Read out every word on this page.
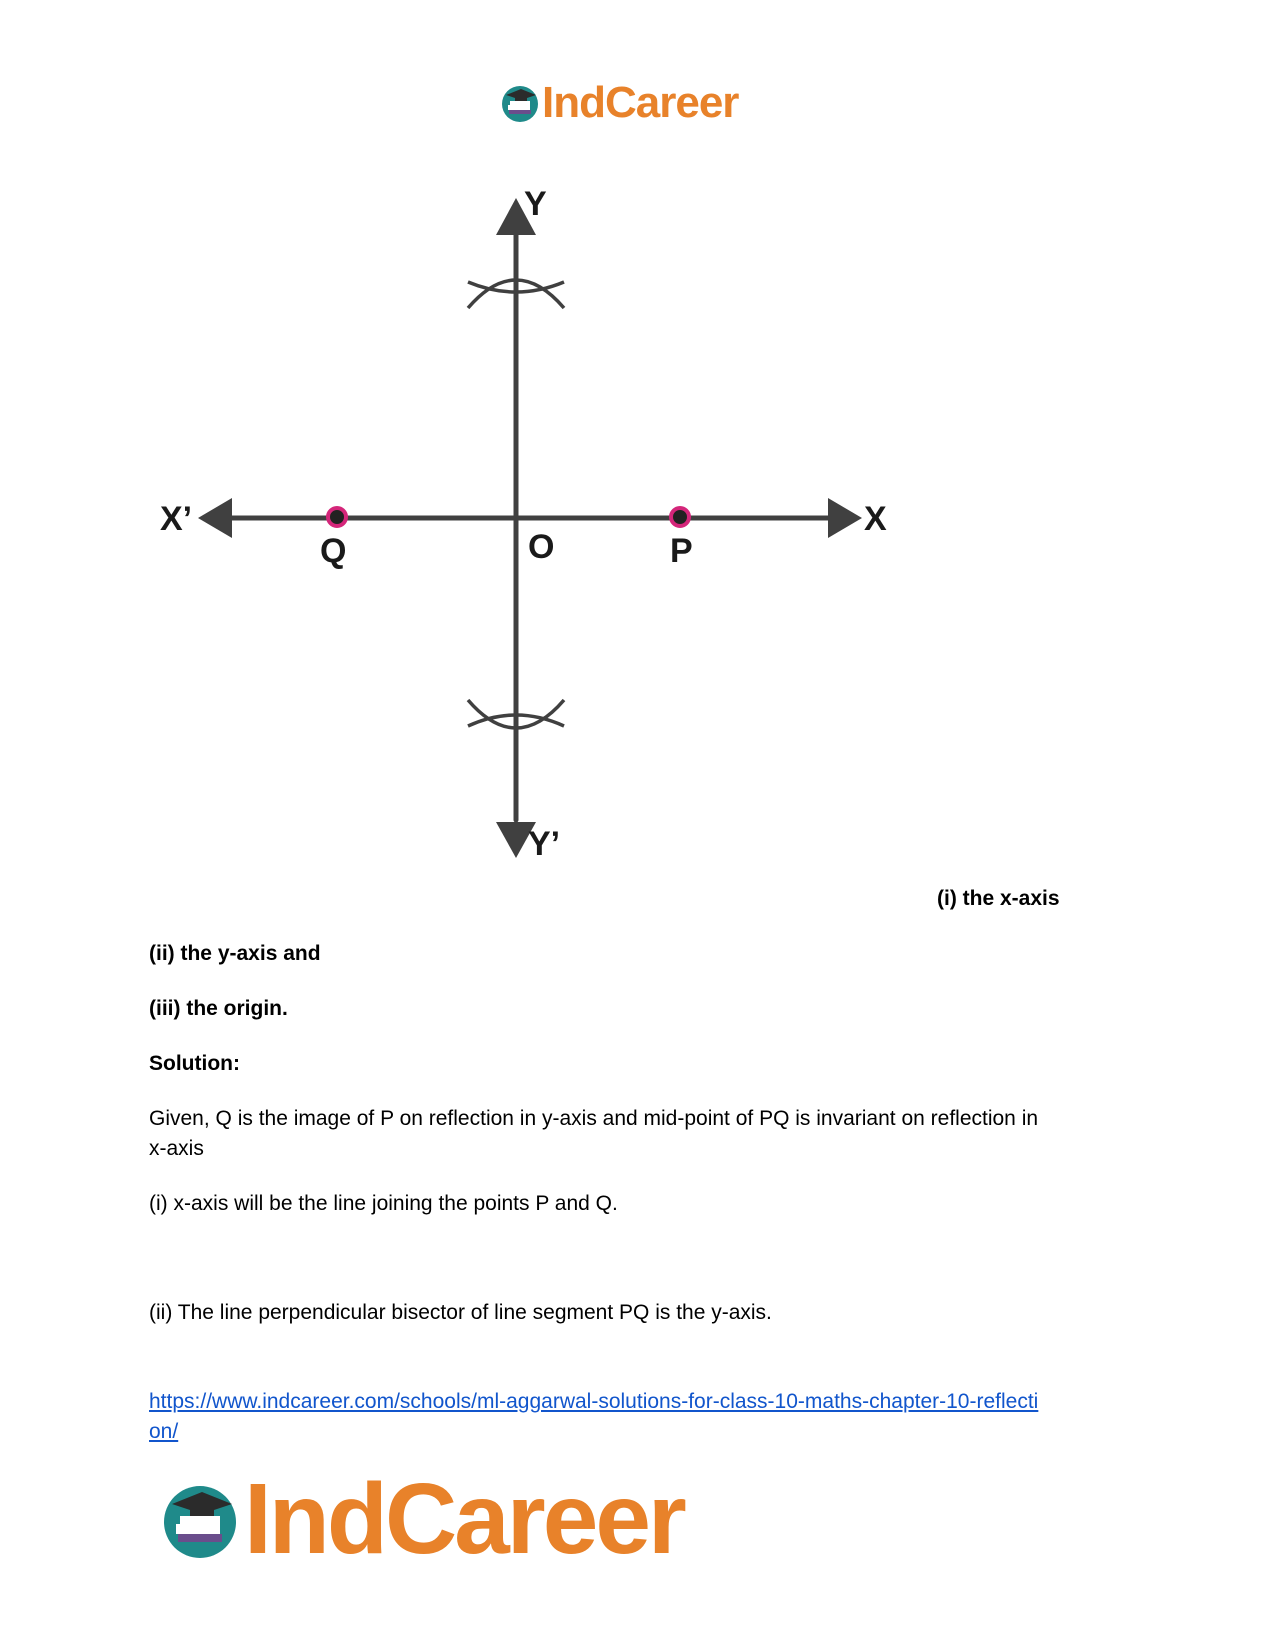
IndCareer
Y
Y’
X
X’
O	P
Q

(i) the x-axis

(ii) the y-axis and

(iii) the origin.

Solution:

Given, Q is the image of P on reflection in y-axis and mid-point of PQ is invariant on reflection in

x-axis

(i) x-axis will be the line joining the points P and Q.

(ii) The line perpendicular bisector of line segment PQ is the y-axis.

https://www.indcareer.com/schools/ml-aggarwal-solutions-for-class-10-maths-chapter-10-reflecti
on/
IndCareer
